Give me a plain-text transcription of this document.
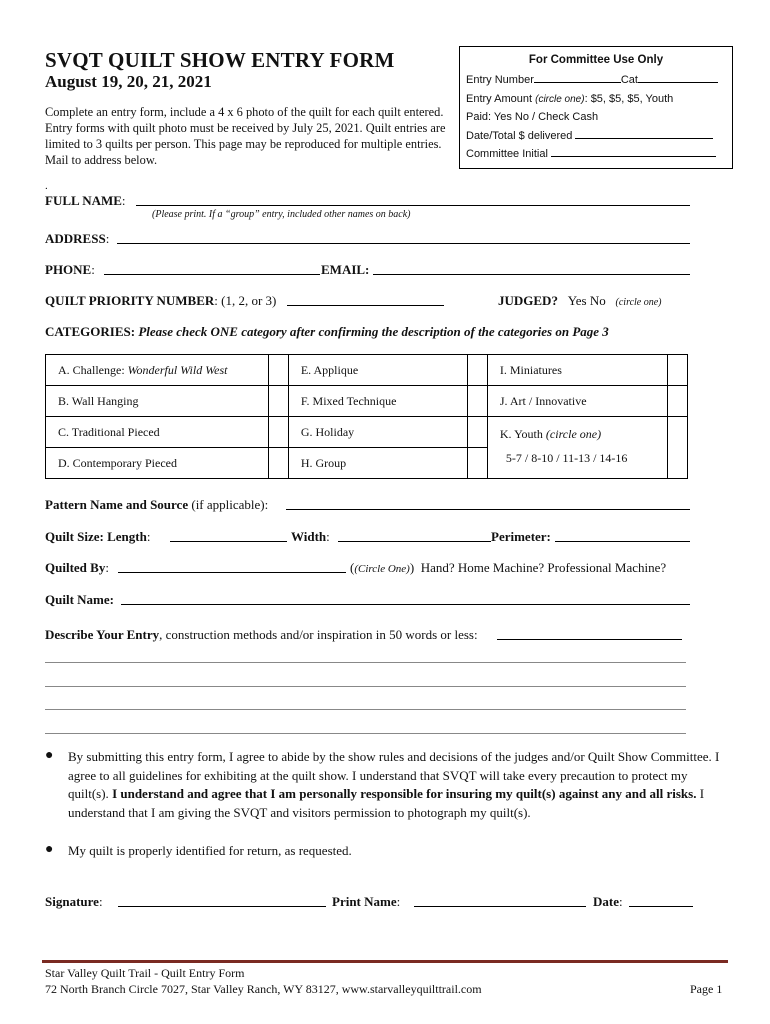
SVQT QUILT SHOW ENTRY FORM
August 19, 20, 21, 2021
Complete an entry form, include a 4 x 6 photo of the quilt for each quilt entered. Entry forms with quilt photo must be received by July 25, 2021. Quilt entries are limited to 3 quilts per person. This page may be reproduced for multiple entries. Mail to address below.
.
For Committee Use Only
Entry Number	Cat
Entry Amount (circle one): $5, $5, $5, Youth
Paid: Yes No / Check Cash
Date/Total $ delivered
Committee Initial
FULL NAME:
(Please print. If a “group” entry, included other names on back)
ADDRESS:
PHONE:	EMAIL:
QUILT PRIORITY NUMBER: (1, 2, or 3)	JUDGED? Yes No (circle one)
CATEGORIES: Please check ONE category after confirming the description of the categories on Page 3
A. Challenge: Wonderful Wild West		E. Applique		I. Miniatures	
B. Wall Hanging		F. Mixed Technique		J. Art / Innovative	
C. Traditional Pieced		G. Holiday		K. Youth (circle one)
5-7 / 8-10 / 11-13 / 14-16	

D. Contemporary Pieced		H. Group			
Pattern Name and Source (if applicable):
Quilt Size: Length:	Width:	Perimeter:
Quilted By:	((Circle One))  Hand? Home Machine? Professional Machine?
Quilt Name:
Describe Your Entry, construction methods and/or inspiration in 50 words or less:
● By submitting this entry form, I agree to abide by the show rules and decisions of the judges and/or Quilt Show Committee. I agree to all guidelines for exhibiting at the quilt show. I understand that SVQT will take every precaution to protect my quilt(s). I understand and agree that I am personally responsible for insuring my quilt(s) against any and all risks. I understand that I am giving the SVQT and visitors permission to photograph my quilt(s).
● My quilt is properly identified for return, as requested.
Signature:	Print Name:	Date:
Star Valley Quilt Trail - Quilt Entry Form
72 North Branch Circle 7027, Star Valley Ranch, WY 83127, www.starvalleyquilttrail.com	Page 1
